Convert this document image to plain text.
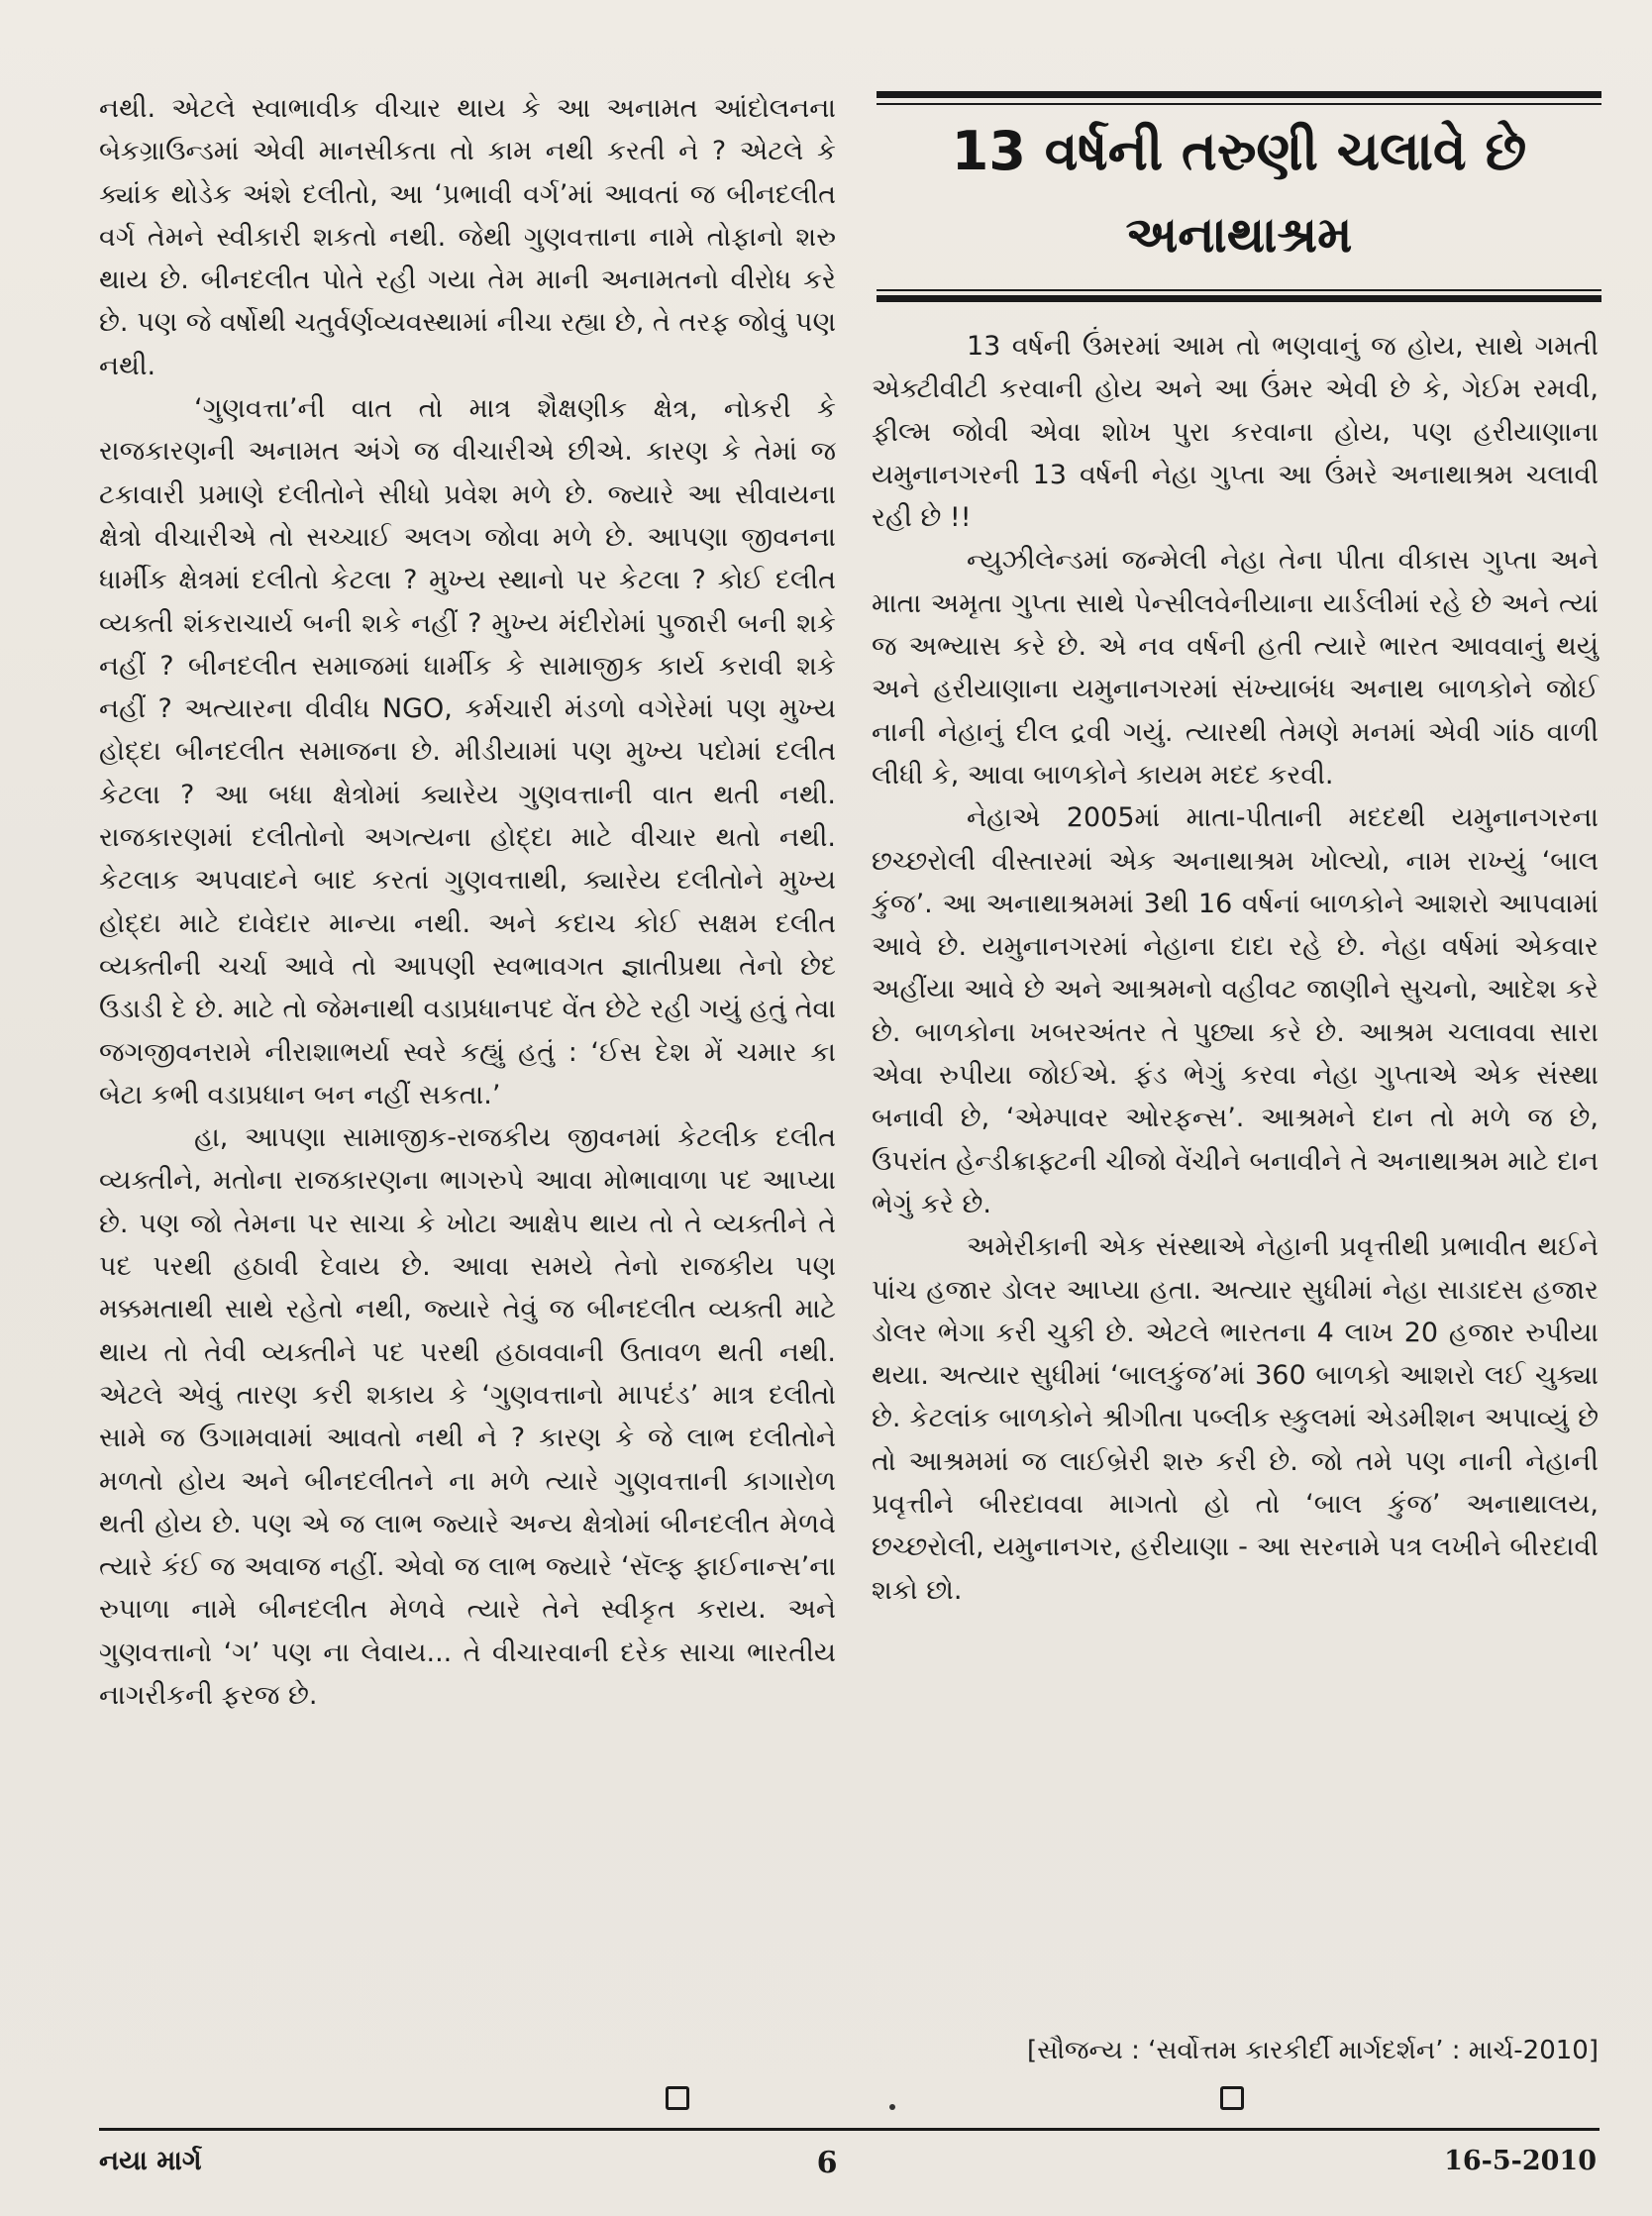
નથી. એટલે સ્વાભાવીક વીચાર થાય કે આ અનામત આંદોલનના બેકગ્રાઉન્ડમાં એવી માનસીકતા તો કામ નથી કરતી ને ? એટલે કે ક્યાંક થોડેક અંશે દલીતો, આ ‘પ્રભાવી વર્ગ’માં આવતાં જ બીનદલીત વર્ગ તેમને સ્વીકારી શકતો નથી. જેથી ગુણવત્તાના નામે તોફાનો શરુ થાય છે. બીનદલીત પોતે રહી ગયા તેમ માની અનામતનો વીરોધ કરે છે. પણ જે વર્ષોથી ચતુર્વર્ણવ્યવસ્થામાં નીચા રહ્યા છે, તે તરફ જોવું પણ નથી.

‘ગુણવત્તા’ની વાત તો માત્ર શૈક્ષણીક ક્ષેત્ર, નોકરી કે રાજકારણની અનામત અંગે જ વીચારીએ છીએ. કારણ કે તેમાં જ ટકાવારી પ્રમાણે દલીતોને સીધો પ્રવેશ મળે છે. જ્યારે આ સીવાયના ક્ષેત્રો વીચારીએ તો સચ્ચાઈ અલગ જોવા મળે છે. આપણા જીવનના ધાર્મીક ક્ષેત્રમાં દલીતો કેટલા ? મુખ્ય સ્થાનો પર કેટલા ? કોઈ દલીત વ્યક્તી શંકરાચાર્ય બની શકે નહીં ? મુખ્ય મંદીરોમાં પુજારી બની શકે નહીં ? બીનદલીત સમાજમાં ધાર્મીક કે સામાજીક કાર્ય કરાવી શકે નહીં ? અત્યારના વીવીધ NGO, કર્મચારી મંડળો વગેરેમાં પણ મુખ્ય હોદ્દા બીનદલીત સમાજના છે. મીડીયામાં પણ મુખ્ય પદોમાં દલીત કેટલા ? આ બધા ક્ષેત્રોમાં ક્યારેય ગુણવત્તાની વાત થતી નથી. રાજકારણમાં દલીતોનો અગત્યના હોદ્દા માટે વીચાર થતો નથી. કેટલાક અપવાદને બાદ કરતાં ગુણવત્તાથી, ક્યારેય દલીતોને મુખ્ય હોદ્દા માટે દાવેદાર માન્યા નથી. અને કદાચ કોઈ સક્ષમ દલીત વ્યક્તીની ચર્ચા આવે તો આપણી સ્વભાવગત જ્ઞાતીપ્રથા તેનો છેદ ઉડાડી દે છે. માટે તો જેમનાથી વડાપ્રધાનપદ વેંત છેટે રહી ગયું હતું તેવા જગજીવનરામે નીરાશાભર્યા સ્વરે કહ્યું હતું : ‘ઈસ દેશ મેં ચમાર કા બેટા કભી વડાપ્રધાન બન નહીં સકતા.’

હા, આપણા સામાજીક-રાજકીય જીવનમાં કેટલીક દલીત વ્યક્તીને, મતોના રાજકારણના ભાગરુપે આવા મોભાવાળા પદ આપ્યા છે. પણ જો તેમના પર સાચા કે ખોટા આક્ષેપ થાય તો તે વ્યક્તીને તે પદ પરથી હઠાવી દેવાય છે. આવા સમયે તેનો રાજકીય પણ મક્કમતાથી સાથે રહેતો નથી, જ્યારે તેવું જ બીનદલીત વ્યક્તી માટે થાય તો તેવી વ્યક્તીને પદ પરથી હઠાવવાની ઉતાવળ થતી નથી. એટલે એવું તારણ કરી શકાય કે ‘ગુણવત્તાનો માપદંડ’ માત્ર દલીતો સામે જ ઉગામવામાં આવતો નથી ને ? કારણ કે જે લાભ દલીતોને મળતો હોય અને બીનદલીતને ના મળે ત્યારે ગુણવત્તાની કાગારોળ થતી હોય છે. પણ એ જ લાભ જ્યારે અન્ય ક્ષેત્રોમાં બીનદલીત મેળવે ત્યારે કંઈ જ અવાજ નહીં. એવો જ લાભ જ્યારે ‘સૅલ્ફ ફાઈનાન્સ’ના રુપાળા નામે બીનદલીત મેળવે ત્યારે તેને સ્વીકૃત કરાય. અને ગુણવત્તાનો ‘ગ’ પણ ના લેવાય... તે વીચારવાની દરેક સાચા ભારતીય નાગરીકની ફરજ છે.

13 વર્ષની તરુણી ચલાવે છે
અનાથાશ્રમ

13 વર્ષની ઉંમરમાં આમ તો ભણવાનું જ હોય, સાથે ગમતી એક્ટીવીટી કરવાની હોય અને આ ઉંમર એવી છે કે, ગેઈમ રમવી, ફીલ્મ જોવી એવા શોખ પુરા કરવાના હોય, પણ હરીયાણાના યમુનાનગરની 13 વર્ષની નેહા ગુપ્તા આ ઉંમરે અનાથાશ્રમ ચલાવી રહી છે !!

ન્યુઝીલેન્ડમાં જન્મેલી નેહા તેના પીતા વીકાસ ગુપ્તા અને માતા અમૃતા ગુપ્તા સાથે પેન્સીલવેનીયાના યાર્ડલીમાં રહે છે અને ત્યાં જ અભ્યાસ કરે છે. એ નવ વર્ષની હતી ત્યારે ભારત આવવાનું થયું અને હરીયાણાના યમુનાનગરમાં સંખ્યાબંધ અનાથ બાળકોને જોઈ નાની નેહાનું દીલ દ્રવી ગયું. ત્યારથી તેમણે મનમાં એવી ગાંઠ વાળી લીધી કે, આવા બાળકોને કાયમ મદદ કરવી.

નેહાએ 2005માં માતા-પીતાની મદદથી યમુનાનગરના છચ્છરોલી વીસ્તારમાં એક અનાથાશ્રમ ખોલ્યો, નામ રાખ્યું ‘બાલ કુંજ’. આ અનાથાશ્રમમાં 3થી 16 વર્ષનાં બાળકોને આશરો આપવામાં આવે છે. યમુનાનગરમાં નેહાના દાદા રહે છે. નેહા વર્ષમાં એકવાર અહીંયા આવે છે અને આશ્રમનો વહીવટ જાણીને સુચનો, આદેશ કરે છે. બાળકોના ખબરઅંતર તે પુછ્યા કરે છે. આશ્રમ ચલાવવા સારા એવા રુપીયા જોઈએ. ફંડ ભેગું કરવા નેહા ગુપ્તાએ એક સંસ્થા બનાવી છે, ‘એમ્પાવર ઓરફન્સ’. આશ્રમને દાન તો મળે જ છે, ઉપરાંત હેન્ડીક્રાફ્ટની ચીજો વેંચીને બનાવીને તે અનાથાશ્રમ માટે દાન ભેગું કરે છે.

અમેરીકાની એક સંસ્થાએ નેહાની પ્રવૃત્તીથી પ્રભાવીત થઈને પાંચ હજાર ડોલર આપ્યા હતા. અત્યાર સુધીમાં નેહા સાડાદસ હજાર ડોલર ભેગા કરી ચુકી છે. એટલે ભારતના 4 લાખ 20 હજાર રુપીયા થયા. અત્યાર સુધીમાં ‘બાલકુંજ’માં 360 બાળકો આશરો લઈ ચુક્યા છે. કેટલાંક બાળકોને શ્રીગીતા પબ્લીક સ્કુલમાં એડમીશન અપાવ્યું છે તો આશ્રમમાં જ લાઈબ્રેરી શરુ કરી છે. જો તમે પણ નાની નેહાની પ્રવૃત્તીને બીરદાવવા માગતો હો તો ‘બાલ કુંજ’ અનાથાલય, છચ્છરોલી, યમુનાનગર, હરીયાણા - આ સરનામે પત્ર લખીને બીરદાવી શકો છો.

[સૌજન્ય : ‘સર્વોત્તમ કારકીર્દી માર્ગદર્શન’ : માર્ચ-2010]
નયા માર્ગ	6	16-5-2010
